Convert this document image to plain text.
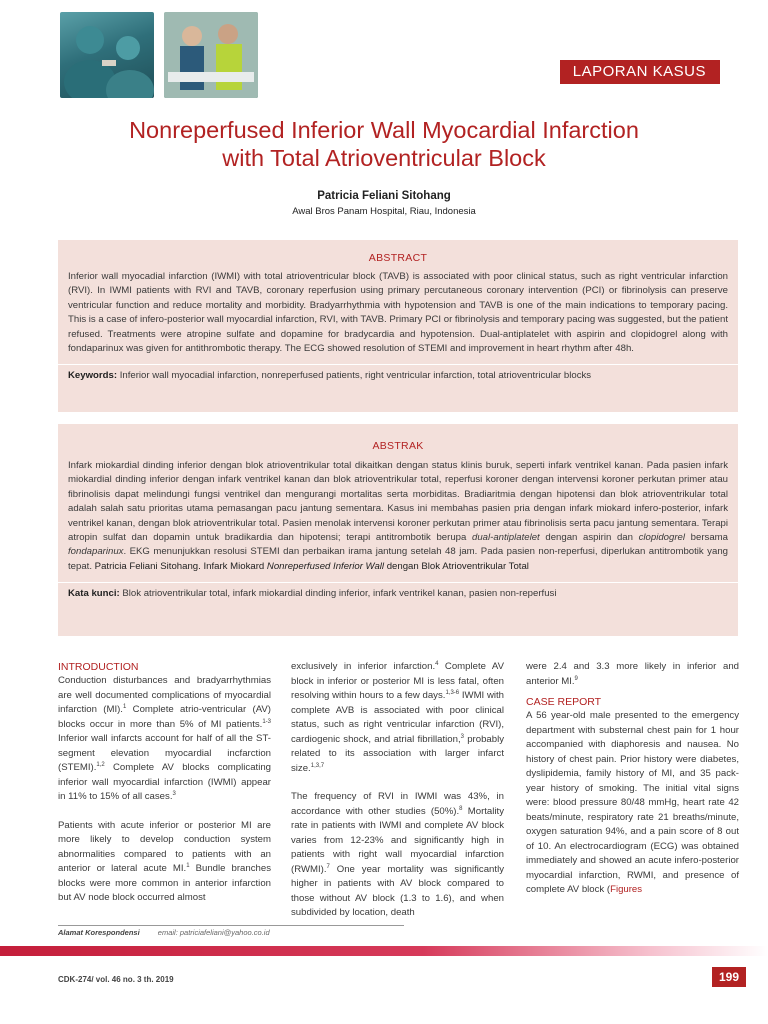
LAPORAN KASUS
Nonreperfused Inferior Wall Myocardial Infarction
with Total Atrioventricular Block
Patricia Feliani Sitohang
Awal Bros Panam Hospital, Riau, Indonesia
ABSTRACT
Inferior wall myocadial infarction (IWMI) with total atrioventricular block (TAVB) is associated with poor clinical status, such as right ventricular infarction (RVI). In IWMI patients with RVI and TAVB, coronary reperfusion using primary percutaneous coronary intervention (PCI) or fibrinolysis can preserve ventricular function and reduce mortality and morbidity. Bradyarrhythmia with hypotension and TAVB is one of the main indications to temporary pacing. This is a case of infero-posterior wall myocardial infarction, RVI, with TAVB. Primary PCI or fibrinolysis and temporary pacing was suggested, but the patient refused. Treatments were atropine sulfate and dopamine for bradycardia and hypotension. Dual-antiplatelet with aspirin and clopidogrel along with fondaparinux was given for antithrombotic therapy. The ECG showed resolution of STEMI and improvement in heart rhythm after 48h.
Keywords: Inferior wall myocadial infarction, nonreperfused patients, right ventricular infarction, total atrioventricular blocks
ABSTRAK
Infark miokardial dinding inferior dengan blok atrioventrikular total dikaitkan dengan status klinis buruk, seperti infark ventrikel kanan. Pada pasien infark miokardial dinding inferior dengan infark ventrikel kanan dan blok atrioventrikular total, reperfusi koroner dengan intervensi koroner perkutan primer atau fibrinolisis dapat melindungi fungsi ventrikel dan mengurangi mortalitas serta morbiditas. Bradiaritmia dengan hipotensi dan blok atrioventrikular total adalah salah satu prioritas utama pemasangan pacu jantung sementara. Kasus ini membahas pasien pria dengan infark miokard infero-posterior, infark ventrikel kanan, dengan blok atrioventrikular total. Pasien menolak intervensi koroner perkutan primer atau fibrinolisis serta pacu jantung sementara. Terapi atropin sulfat dan dopamin untuk bradikardia dan hipotensi; terapi antitrombotik berupa dual-antiplatelet dengan aspirin dan clopidogrel bersama fondaparinux. EKG menunjukkan resolusi STEMI dan perbaikan irama jantung setelah 48 jam. Pada pasien non-reperfusi, diperlukan antitrombotik yang tepat. Patricia Feliani Sitohang. Infark Miokard Nonreperfused Inferior Wall dengan Blok Atrioventrikular Total
Kata kunci: Blok atrioventrikular total, infark miokardial dinding inferior, infark ventrikel kanan, pasien non-reperfusi
INTRODUCTION

Conduction disturbances and bradyarrhythmias are well documented complications of myocardial infarction (MI).$^1$ Complete atrio-ventricular (AV) blocks occur in more than 5% of MI patients.$^{1-3}$ Inferior wall infarcts account for half of all the ST-segment elevation myocardial incfarction (STEMI).$^{1,2}$ Complete AV blocks complicating inferior wall myocardial infarction (IWMI) appear in 11% to 15% of all cases.$^3$

Patients with acute inferior or posterior MI are more likely to develop conduction system abnormalities compared to patients with an anterior or lateral acute MI.$^1$ Bundle branches blocks were more common in anterior infarction but AV node block occurred almost

exclusively in inferior infarction.$^4$ Complete AV block in inferior or posterior MI is less fatal, often resolving within hours to a few days.$^{1,3-6}$ IWMI with complete AVB is associated with poor clinical status, such as right ventricular infarction (RVI), cardiogenic shock, and atrial fibrillation,$^3$ probably related to its association with larger infarct size.$^{1,3,7}$

The frequency of RVI in IWMI was 43%, in accordance with other studies (50%).$^8$ Mortality rate in patients with IWMI and complete AV block varies from 12-23% and significantly high in patients with right wall myocardial infarction (RWMI).$^7$ One year mortality was significantly higher in patients with AV block compared to those without AV block (1.3 to 1.6), and when subdivided by location, death

were 2.4 and 3.3 more likely in inferior and anterior MI.$^9$

CASE REPORT

A 56 year-old male presented to the emergency department with substernal chest pain for 1 hour accompanied with diaphoresis and nausea. No history of chest pain. Prior history were diabetes, dyslipidemia, family history of MI, and 35 pack-year history of smoking. The initial vital signs were: blood pressure 80/48 mmHg, heart rate 42 beats/minute, respiratory rate 21 breaths/minute, oxygen saturation 94%, and a pain score of 8 out of 10. An electrocardiogram (ECG) was obtained immediately and showed an acute infero-posterior myocardial infarction, RWMI, and presence of complete AV block (Figures

Alamat Korespondensi email: patriciafeliani@yahoo.co.id
CDK-274/ vol. 46 no. 3 th. 2019	199
